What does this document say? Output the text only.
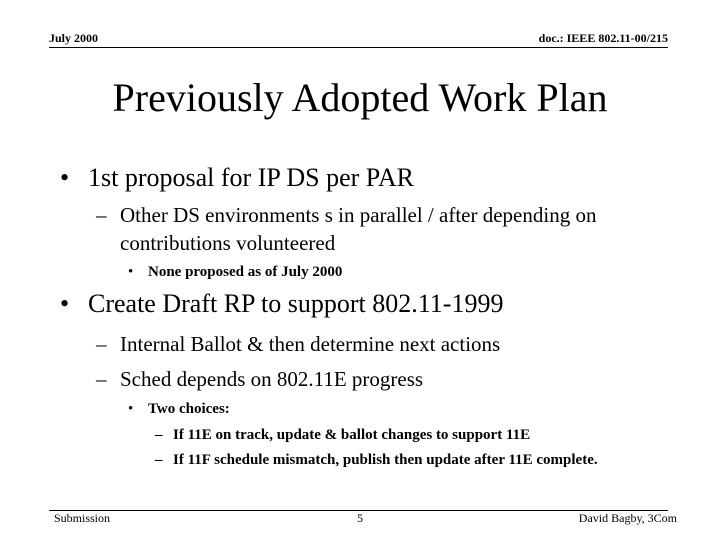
July 2000	doc.: IEEE 802.11-00/215
Previously Adopted Work Plan
• 1st proposal for IP DS per PAR
– Other DS environments s in parallel / after depending on contributions volunteered
• None proposed as of July 2000
• Create Draft RP to support 802.11-1999
– Internal Ballot & then determine next actions
– Sched depends on 802.11E progress
• Two choices:
– If 11E on track, update & ballot changes to support 11E
– If 11F schedule mismatch, publish then update after 11E complete.
Submission	5	David Bagby, 3Com
